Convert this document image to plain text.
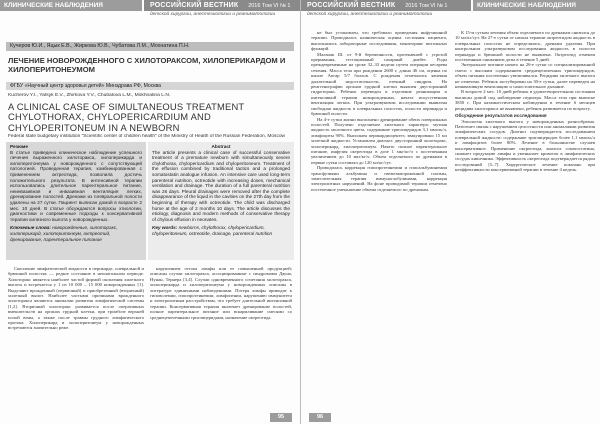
КЛИНИЧЕСКИЕ НАБЛЮДЕНИЯ	РОССИЙСКИЙ ВЕСТНИК 2016 Том VI № 1
детской хирургии, анестезиологии и реаниматологии
Кучеров Ю.И., Яцык Е.В., Жиркова Ю.В., Чубатова Л.М., Мохнатина П.Н.
ЛЕЧЕНИЕ НОВОРОЖДЕННОГО С ХИЛОТОРАКСОМ, ХИЛОПЕРИКАРДОМ И ХИЛОПЕРИТОНЕУМОМ
ФГБУ «Научный центр здоровья детей» Минздрава РФ, Москва
Kucherov Y.I., Yatsyk E.V., Zhirkova Y.V., Chubatova L.M., Mokhnatina L.N.
A CLINICAL CASE OF SIMULTANEOUS TREATMENT CHYLOTHORAX, CHYLOPERICARDIUM AND CHYLOPERITONEUM IN A NEWBORN
Federal state budgetary institution "Scientific center of children health" of the Ministry of Health of the Russian Federation, Moscow
Резюме
В статье приведено клиническое наблюдение успешного лечения выраженного хилоторакса, хилоперикарда и хилоперитонеума у новорожденного с сопутствующей патологией. Проведенная терапия, комбинированная с применением октреотида, позволила достичь положительного результата. В интенсивной терапии использовались длительное парентеральное питание, неинвазивная и инвазивная вентиляция легких, дренирование полостей. Дренажи из плевральной полости удалены на 27 сутки. Пациент выписан домой в возрасте 2 мес. 10 дней. В статье обсуждаются вопросы этиологии, диагностики и современные подходы к консервативной терапии хилезного выпота у новорожденных.
Ключевые слова: новорожденные, хилоторакс, хилоперикард, хилоперитонеум, октреотид, дренирование, парентеральное питание
Abstract
The article presents a clinical case of successful conservative treatment of a premature newborn with simultaneously severe chylothorax, chylopericardium and chyloperitoneum. Treatment of the effusion combined by traditional tactics and a prolonged somatostatin analogue infusion. An intensive care used long-term parenteral nutrition, octreotide with increasing doses, mechanical ventilation and drainage. The duration of a full parenteral nutrition was 26 days. Pleural drainages were removed after the complete disappearance of the liquid in the cavities on the 27th day from the beginning of therapy with octreotide. The child was discharged home at the age of 2 months 10 days. The article discusses the etiology, diagnosis and modern methods of conservative therapy of chylous effusion in neonates.
Key words: newborns, chylothorax, chylopericardium, chyloperitoneum, octreotide, drainage, parenteral nutrition

Скопление лимфатической жидкости в перикарде, плевральной и брюшной полостях — редкое состояние в неонатальном периоде. Хилоторакс является наиболее частой формой скопления хилезного выпота и встречается у 1 из 10 000 – 15 000 новорожденных [1]. Выделяют врожденный (первичный) и приобретенный (вторичный) хилезный выпот. Наиболее частыми причинами врожденного хилоторакса являются аномалии развития лимфатической системы [1,2]. Вторичный хилоторакс развивается после оперативных вмешательств на органах грудной клетки, при тромбозе верхней полой вены, а также после травмы грудного лимфатического протока. Хилоперикард и хилоперитонеум у новорожденных встречаются значительно реже.

нарушением оттока лимфы или ее повышенной продукцией; описаны случаи хилоторакса, ассоциированные с синдромами Дауна, Нунан, Тернера [3,4]. Случаи одновременного сочетания хилоторакса, хилоперикарда и хилоперитонеума у новорожденных описаны в литературе единичными наблюдениями. Потеря лимфы приводит к гиповолемии, гипопротеинемии, лимфопении, нарушению иммунитета и электролитным расстройствам, что требует длительной интенсивной терапии. Консервативная терапия включает дренирование полостей, полное парентеральное питание или вскармливание смесями со среднецепочечными триглицеридами, назначение октреотида.

95
РОССИЙСКИЙ ВЕСТНИК 2016 Том VI № 1	КЛИНИЧЕСКИЕ НАБЛЮДЕНИЯ
детской хирургии, анестезиологии и реаниматологии

не был установлен, что требовало проведения инфузионной терапии. Проводилась клиническая оценка состояния пациента, выполнялись лабораторные исследования, мониторинг витальных функций.

Мальчик Ш. от 9-й беременности, протекавшей с угрозой прерывания, гестационный сахарный диабет. Роды преждевременные на сроке 32–33 недели путем операции кесарева сечения. Масса тела при рождении 2600 г, длина 46 см, оценка по шкале Апгар 5/7 баллов. С рождения отмечались явления дыхательной недостаточности, отечный синдром. На рентгенографии органов грудной клетки выявлен двусторонний гидроторакс. Ребенок переведен в отделение реанимации и интенсивной терапии новорожденных, начата искусственная вентиляция легких. При ультразвуковом исследовании выявлена свободная жидкость в плевральных полостях, полости перикарда и брюшной полости.

На 4-е сутки жизни выполнено дренирование обеих плевральных полостей. Получено отделяемое хилезного характера: мутная жидкость молочного цвета, содержание триглицеридов 3,1 ммоль/л, лимфоциты 90%. Выполнен перикардиоцентез, эвакуировано 15 мл хилезной жидкости. Установлен диагноз: двусторонний хилоторакс, хилоперикард, хилоперитонеум. Начато полное парентеральное питание, инфузия октреотида в дозе 1 мкг/кг/ч с постепенным увеличением до 10 мкг/кг/ч. Объем отделяемого по дренажам в первые сутки составлял до 120 мл/кг/сут.

Проводилась коррекция гипопротеинемии и гипоальбуминемии трансфузиями альбумина и свежезамороженной плазмы, заместительная терапия иммуноглобулинами, коррекция электролитных нарушений. На фоне проводимой терапии отмечено постепенное уменьшение объема отделяемого по дренажам.

К 15-м суткам лечения объем отделяемого по дренажам снизился до 10 мл/кг/сут. На 27-е сутки от начала терапии октреотидом жидкость в плевральных полостях не определялась, дренажи удалены. При контрольном ультразвуковом исследовании жидкость в полости перикарда и брюшной полости не выявлена. Октреотид отменен постепенным снижением дозы в течение 5 дней.

Энтеральное питание начато на 26-е сутки со специализированной смеси с высоким содержанием среднецепочечных триглицеридов, объем питания постепенно увеличивался. Рецидива хилезного выпота не отмечено. Ребенок экстубирован на 30-е сутки, далее переведен на неинвазивную вентиляцию и самостоятельное дыхание.

В возрасте 2 мес. 10 дней ребенок в удовлетворительном состоянии выписан домой под наблюдение педиатра. Масса тела при выписке 3850 г. При катамнестическом наблюдении в течение 6 месяцев рецидива хилоторакса не выявлено, ребенок развивается по возрасту.

Обсуждение результатов исследования

Этиология хилезного выпота у новорожденных разнообразна. Патогенез связан с нарушением целостности или аномалиями развития лимфатических сосудов. Диагноз подтверждается исследованием плевральной жидкости: содержание триглицеридов более 1,1 ммоль/л и лимфоцитов более 80%. Лечение в большинстве случаев консервативное. Применение октреотида, аналога соматостатина, снижает продукцию лимфы и уменьшает кровоток в лимфатических сосудах кишечника. Эффективность октреотида подтверждается рядом исследований [5–7]. Хирургическое лечение показано при неэффективности консервативной терапии в течение 4 недель.

96
